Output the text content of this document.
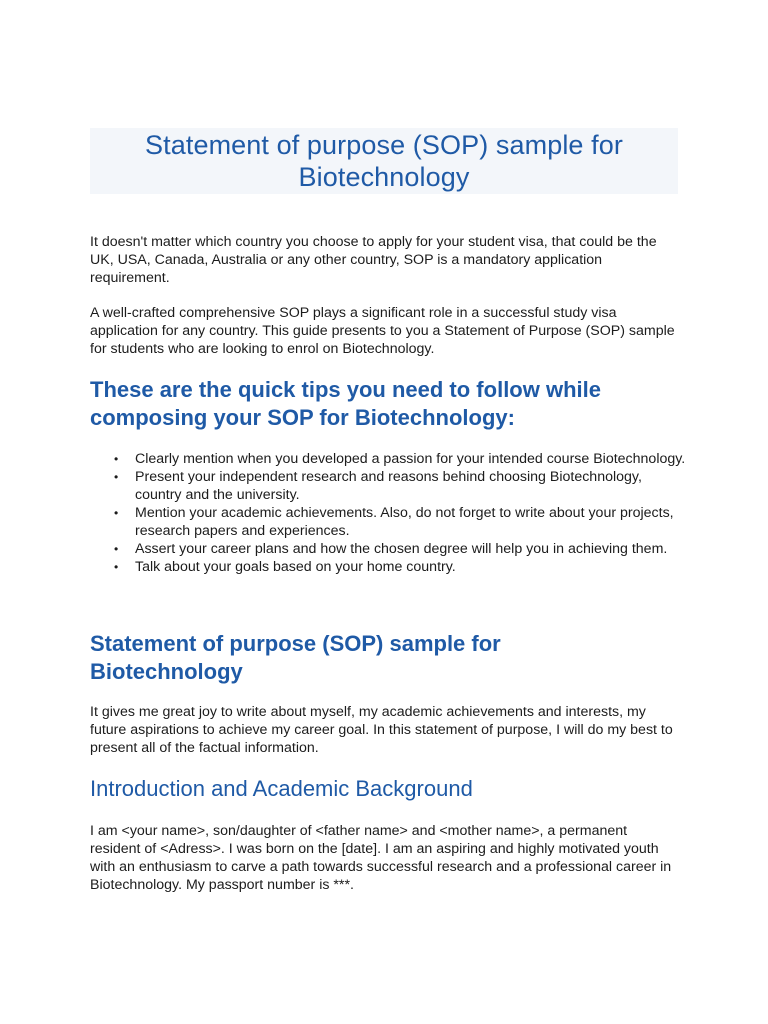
Statement of purpose (SOP) sample for Biotechnology

It doesn't matter which country you choose to apply for your student visa, that could be the UK, USA, Canada, Australia or any other country, SOP is a mandatory application requirement.

A well-crafted comprehensive SOP plays a significant role in a successful study visa application for any country. This guide presents to you a Statement of Purpose (SOP) sample for students who are looking to enrol on Biotechnology.

These are the quick tips you need to follow while composing your SOP for Biotechnology:
• Clearly mention when you developed a passion for your intended course Biotechnology.
• Present your independent research and reasons behind choosing Biotechnology, country and the university.
• Mention your academic achievements. Also, do not forget to write about your projects, research papers and experiences.
• Assert your career plans and how the chosen degree will help you in achieving them.
• Talk about your goals based on your home country.
Statement of purpose (SOP) sample for Biotechnology

It gives me great joy to write about myself, my academic achievements and interests, my future aspirations to achieve my career goal. In this statement of purpose, I will do my best to present all of the factual information.

Introduction and Academic Background

I am <your name>, son/daughter of <father name> and <mother name>, a permanent resident of <Adress>. I was born on the [date]. I am an aspiring and highly motivated youth with an enthusiasm to carve a path towards successful research and a professional career in Biotechnology. My passport number is ***.
